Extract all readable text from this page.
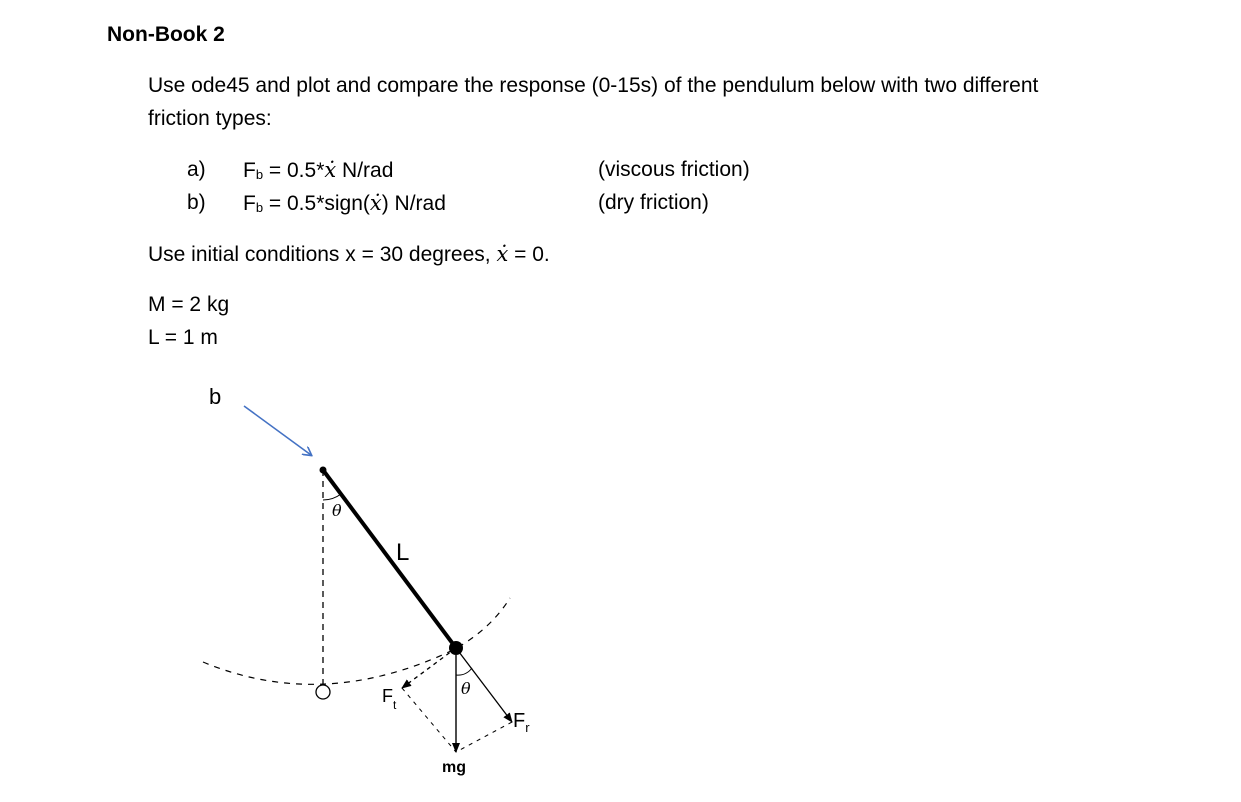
Non-Book 2
Use ode45 and plot and compare the response (0-15s) of the pendulum below with two different
friction types:
a) Fb = 0.5*ẋ N/rad	(viscous friction)
b) Fb = 0.5*sign(ẋ) N/rad	(dry friction)
Use initial conditions x = 30 degrees, ẋ = 0.
M = 2 kg
L = 1 m
b
θ
L
mg
$F_r$
$F_t$
θ
